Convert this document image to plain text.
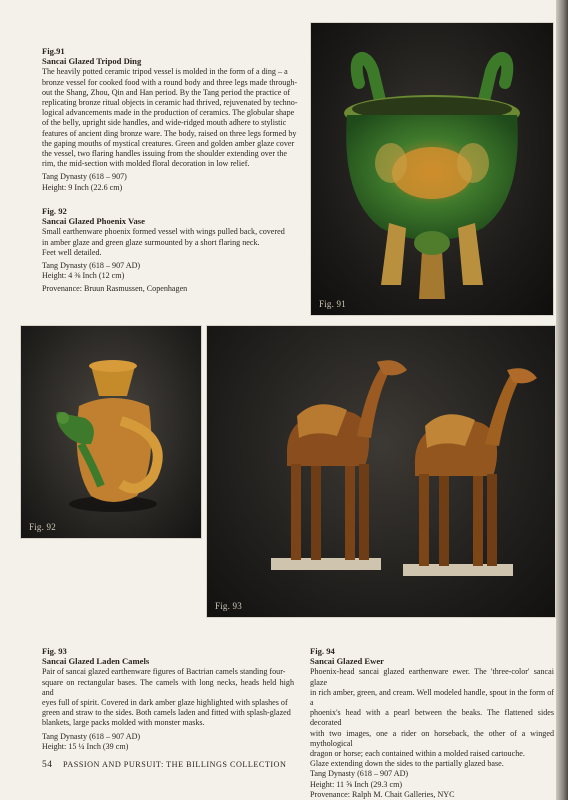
Fig.91

Sancai Glazed Tripod Ding

The heavily potted ceramic tripod vessel is molded in the form of a ding – a

bronze vessel for cooked food with a round body and three legs made through-

out the Shang, Zhou, Qin and Han period. By the Tang period the practice of

replicating bronze ritual objects in ceramic had thrived, rejuvenated by techno-

logical advancements made in the production of ceramics. The globular shape

of the belly, upright side handles, and wide-ridged mouth adhere to stylistic

features of ancient ding bronze ware. The body, raised on three legs formed by

the gaping mouths of mystical creatures. Green and golden amber glaze cover

the vessel, two flaring handles issuing from the shoulder extending over the

rim, the mid-section with molded floral decoration in low relief.

Tang Dynasty (618 – 907)

Height: 9 Inch (22.6 cm)

Fig. 92

Sancai Glazed Phoenix Vase

Small earthenware phoenix formed vessel with wings pulled back, covered

in amber glaze and green glaze surmounted by a short flaring neck.

Feet well detailed.

Tang Dynasty (618 – 907 AD)

Height: 4 ⅜ Inch (12 cm)

Provenance: Bruun Rasmussen, Copenhagen

Fig. 91
Fig. 92
Fig. 93

Fig. 93

Sancai Glazed Laden Camels

Pair of sancai glazed earthenware figures of Bactrian camels standing four-

square on rectangular bases. The camels with long necks, heads held high and

eyes full of spirit. Covered in dark amber glaze highlighted with splashes of

green and straw to the sides. Both camels laden and fitted with splash-glazed

blankets, large packs molded with monster masks.

Tang Dynasty (618 – 907 AD)

Height: 15 ¼ Inch (39 cm)

Fig. 94

Sancai Glazed Ewer

Phoenix-head sancai glazed earthenware ewer. The 'three-color' sancai glaze

in rich amber, green, and cream. Well modeled handle, spout in the form of a

phoenix's head with a pearl between the beaks. The flattened sides decorated

with two images, one a rider on horseback, the other of a winged mythological

dragon or horse; each contained within a molded raised cartouche.

Glaze extending down the sides to the partially glazed base.

Tang Dynasty (618 – 907 AD)

Height: 11 ⅝ Inch (29.3 cm)

Provenance: Ralph M. Chait Galleries, NYC

54 PASSION AND PURSUIT: THE BILLINGS COLLECTION
